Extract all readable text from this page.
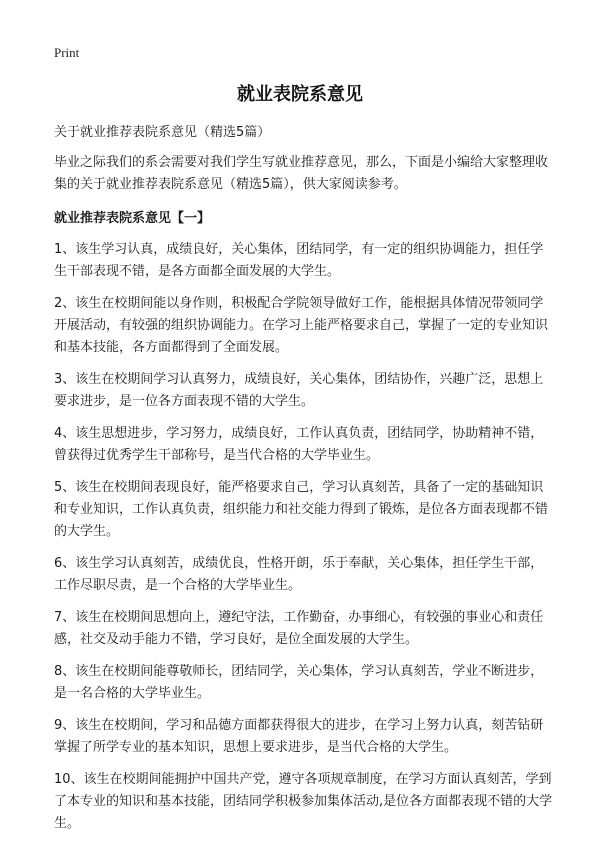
Print
就业表院系意见

关于就业推荐表院系意见（精选5篇）

毕业之际我们的系会需要对我们学生写就业推荐意见，那么，下面是小编给大家整理收集的关于就业推荐表院系意见（精选5篇），供大家阅读参考。

就业推荐表院系意见【一】

1、该生学习认真，成绩良好，关心集体，团结同学，有一定的组织协调能力，担任学生干部表现不错，是各方面都全面发展的大学生。

2、该生在校期间能以身作则，积极配合学院领导做好工作，能根据具体情况带领同学开展活动，有较强的组织协调能力。在学习上能严格要求自己，掌握了一定的专业知识和基本技能，各方面都得到了全面发展。

3、该生在校期间学习认真努力，成绩良好，关心集体，团结协作，兴趣广泛，思想上要求进步，是一位各方面表现不错的大学生。

4、该生思想进步，学习努力，成绩良好，工作认真负责，团结同学，协助精神不错，曾获得过优秀学生干部称号，是当代合格的大学毕业生。

5、该生在校期间表现良好，能严格要求自己，学习认真刻苦，具备了一定的基础知识和专业知识，工作认真负责，组织能力和社交能力得到了锻炼，是位各方面表现都不错的大学生。

6、该生学习认真刻苦，成绩优良，性格开朗，乐于奉献，关心集体，担任学生干部，工作尽职尽责，是一个合格的大学毕业生。

7、该生在校期间思想向上，遵纪守法，工作勤奋，办事细心，有较强的事业心和责任感，社交及动手能力不错，学习良好，是位全面发展的大学生。

8、该生在校期间能尊敬师长，团结同学，关心集体，学习认真刻苦，学业不断进步，是一名合格的大学毕业生。

9、该生在校期间，学习和品德方面都获得很大的进步，在学习上努力认真，刻苦钻研掌握了所学专业的基本知识，思想上要求进步，是当代合格的大学生。

10、该生在校期间能拥护中国共产党，遵守各项规章制度，在学习方面认真刻苦，学到了本专业的知识和基本技能，团结同学积极参加集体活动,是位各方面都表现不错的大学生。
